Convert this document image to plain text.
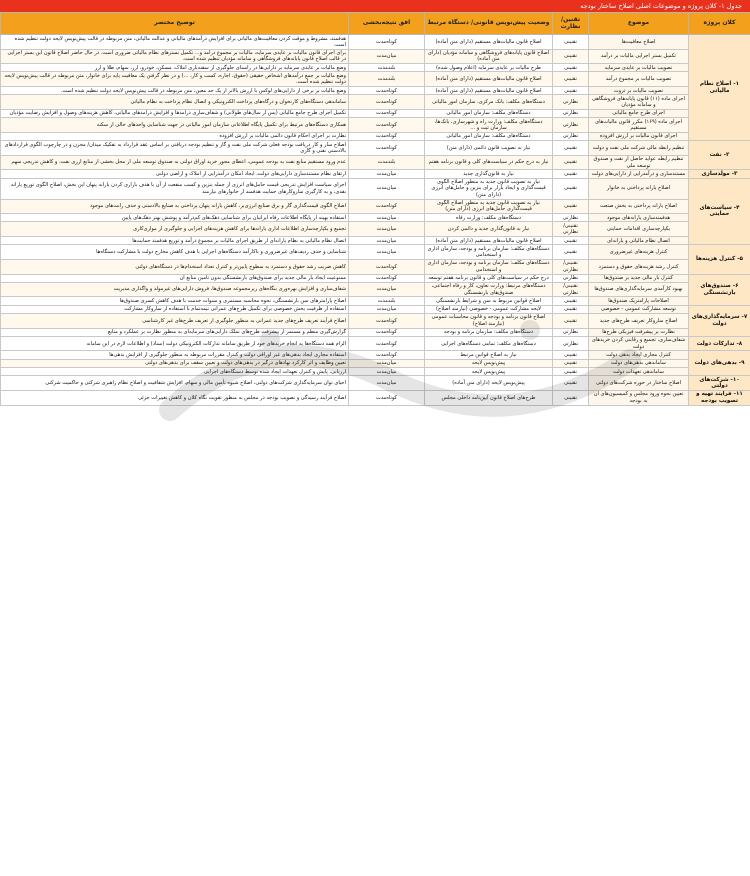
جدول ۱- کلان پروژه و موضوعات اصلی اصلاح ساختار بودجه
کلان پروژه	موضوع	تقنین/ نظارت	وضعیت پیش‌نویس قانونی/ دستگاه مرتبط	افق نتیجه‌بخشی	توضیح مختصر
۱- اصلاح نظام مالیاتی	اصلاح معافیت‌ها	تقنینی	اصلاح قانون مالیات‌های مستقیم (دارای متن آماده)	کوتاه‌مدت	هدفمند، مشروط و موقت کردن معافیت‌های مالیاتی برای افزایش درآمدهای مالیاتی و عدالت مالیاتی، متن مربوطه در قالب پیش‌نویس لایحه دولت تنظیم شده است.
	تکمیل بستر اجرایی مالیات بر درآمد	تقنینی	اصلاح قانون پایانه‌های فروشگاهی و سامانه مؤدیان (دارای متن آماده)	میان‌مدت	برای اجرای قانون مالیات بر عایدی سرمایه، مالیات بر مجموع درآمد و... تکمیل بسترهای نظام مالیاتی ضروری است. در حال حاضر اصلاح قانون این بستر اجرایی در قالب اصلاح قانون پایانه‌های فروشگاهی و سامانه مؤدیان تنظیم شده است.
	تصویب مالیات بر عایدی سرمایه	تقنینی	طرح مالیات بر عایدی سرمایه (اعلام وصول شده)	بلندمدت	وضع مالیات بر عایدی سرمایه بر دارایی‌ها در راستای جلوگیری از سفته‌بازی املاک، مسکن، خودرو، ارز، سهام، طلا و ارز
	تصویب مالیات بر مجموع درآمد	تقنینی	اصلاح قانون مالیات‌های مستقیم (دارای متن آماده)	بلندمدت	وضع مالیات بر جمع درآمدهای اشخاص حقیقی (حقوق، اجاره، کسب و کار، ...) و در نظر گرفتن یک معافیت پایه برای خانوار، متن مربوطه در قالب پیش‌نویس لایحه دولت تنظیم شده است.
	تصویب مالیات بر ثروت	تقنینی	اصلاح قانون مالیات‌های مستقیم (دارای متن آماده)	کوتاه‌مدت	وضع مالیات بر برخی از دارایی‌های لوکس با ارزش بالاتر از یک حد معین، متن مربوطه در قالب پیش‌نویس لایحه دولت تنظیم شده است.
	اجرای ماده (۱۱) قانون پایانه‌های فروشگاهی و سامانه مؤدیان	نظارتی	دستگاه‌های مکلف: بانک مرکزی، سازمان امور مالیاتی	کوتاه‌مدت	ساماندهی دستگاه‌های کارتخوان و درگاه‌های پرداخت الکترونیکی و اتصال نظام پرداخت به نظام مالیاتی
	اجرای طرح جامع مالیاتی	نظارتی	دستگاه‌های مکلف: سازمان امور مالیاتی	کوتاه‌مدت	تکمیل اجرای طرح جامع مالیاتی (پس از سال‌های طولانی) و شفاف‌سازی درآمدها و افزایش درآمدهای مالیاتی، کاهش هزینه‌های وصول و افزایش رضایت مؤدیان
	اجرای ماده (۱۶۹) مکرر قانون مالیات‌های مستقیم	نظارتی	دستگاه‌های مکلف: وزارت راه و شهرسازی، بانک‌ها، سازمان ثبت و ...	کوتاه‌مدت	همکاری دستگاه‌های مرتبط برای تکمیل پایگاه اطلاعاتی سازمان امور مالیاتی در جهت شناسایی واحدهای خالی از سکنه
	اجرای قانون مالیات بر ارزش افزوده	نظارتی	دستگاه‌های مکلف: سازمان امور مالیاتی	کوتاه‌مدت	نظارت بر اجرای احکام قانون دائمی مالیات بر ارزش افزوده
۲- نفت	تنظیم رابطه مالی شرکت ملی نفت و دولت	تقنینی	نیاز به تصویب قانون دائمی (دارای متن)	کوتاه‌مدت	اصلاح ساز و کار دریافت بودجه فعلی شرکت ملی نفت و گاز و تنظیم بودجه دریافتی بر اساس عقد قرارداد به تفکیک میدان/ مخزن و در چارچوب الگوی قراردادهای بالادستی نفتی و گازی
	تنظیم رابطه عواید حاصل از نفت و صندوق توسعه ملی	تقنینی	نیاز به درج حکم در سیاست‌های کلی و قانون برنامه هفتم	بلندمدت	عدم ورود مستقیم منابع نفت به بودجه عمومی، اعطای مجوز خرید اوراق دولتی به صندوق توسعه ملی از محل بخشی از منابع ارزی نفت، و کاهش تدریجی سهم
۳- مولدسازی	مستندسازی و درآمدزایی از دارایی‌های دولت	تقنینی	نیاز به قانون‌گذاری جدید	میان‌مدت	ارتقای نظام مستندسازی دارایی‌های دولت، ایجاد امکان درآمدزایی از املاک و اراضی دولتی
۴- سیاست‌های حمایتی	اصلاح یارانه پرداختی به خانوار	تقنینی	نیاز به تصویب قانون جدید به منظور اصلاح الگوی قیمت‌گذاری و ایجاد بازار برای بنزین و حامل‌های انرژی (دارای متن)	میان‌مدت	اجرای سیاست افزایش تدریجی قیمت حامل‌های انرژی از جمله بنزین و کسب منفعت از آن با هدف بازاری کردن یارانه پنهان این بخش، اصلاح الگوی توزیع یارانه نقدی، و به کارگیری سازوکارهای حمایت هدفمند از خانوارهای نیازمند
	اصلاح یارانه پرداختی به بخش صنعت	تقنینی	نیاز به تصویب قانون جدید به منظور اصلاح الگوی قیمت‌گذاری حامل‌های انرژی (دارای متن)	کوتاه‌مدت	اصلاح الگوی قیمت‌گذاری گاز و برق صنایع انرژی‌بر، کاهش یارانه پنهان پرداختی به صنایع بالادستی و حذف رانت‌های موجود
	هدفمندسازی یارانه‌های موجود	نظارتی	دستگاه‌های مکلف: وزارت رفاه	میان‌مدت	استفاده بهینه از پایگاه اطلاعات رفاه ایرانیان برای شناسایی دهک‌های کم‌درآمد و پوشش بهتر دهک‌های پایین
	یکپارچه‌سازی اقدامات حمایتی	تقنینی/ نظارتی	نیاز به قانون‌گذاری جدید و دائمی کردن	میان‌مدت	تجمیع و یکپارچه‌سازی اطلاعات اداری یارانه‌ها برای کاهش هزینه‌های اجرایی و جلوگیری از موازی‌کاری
	اتصال نظام مالیاتی و یارانه‌ای	تقنینی	اصلاح قانون مالیات‌های مستقیم (دارای متن آماده)	میان‌مدت	اتصال نظام مالیاتی به نظام یارانه‌ای از طریق اجرای مالیات بر مجموع درآمد و توزیع هدفمند حمایت‌ها
۵- کنترل هزینه‌ها	کنترل هزینه‌های غیرضروری	تقنینی	دستگاه‌های مکلف: سازمان برنامه و بودجه، سازمان اداری و استخدامی	میان‌مدت	شناسایی و حذف ردیف‌های غیرضروری و ناکارآمد دستگاه‌های اجرایی با هدف کاهش مخارج دولت با مشارکت دستگاه‌ها
	کنترل رشد هزینه‌های حقوق و دستمزد	تقنینی/ نظارتی	دستگاه‌های مکلف: سازمان برنامه و بودجه، سازمان اداری و استخدامی	کوتاه‌مدت	کاهش ضریب رشد حقوق و دستمزد به سطوح پایین‌تر و کنترل تعداد استخدام‌ها در دستگاه‌های دولتی
۶- صندوق‌های بازنشستگی	کنترل بار مالی جدید بر صندوق‌ها	نظارتی	درج حکم در سیاست‌های کلی و قانون برنامه هفتم توسعه	کوتاه‌مدت	ممنوعیت ایجاد بار مالی جدید برای صندوق‌های بازنشستگی بدون تأمین منابع آن
	بهبود کارآمدی سرمایه‌گذاری‌های صندوق‌ها	تقنینی/ نظارتی	دستگاه‌های مرتبط: وزارت تعاون، کار و رفاه اجتماعی، صندوق‌های بازنشستگی	میان‌مدت	شفاف‌سازی و افزایش بهره‌وری بنگاه‌های زیرمجموعه صندوق‌ها، فروش دارایی‌های غیرمولد و واگذاری مدیریت
	اصلاحات پارامتریک صندوق‌ها	تقنینی	اصلاح قوانین مربوط به سن و شرایط بازنشستگی	بلندمدت	اصلاح پارامترهای سن بازنشستگی، نحوه محاسبه مستمری و سنوات خدمت با هدف کاهش کسری صندوق‌ها
۷- سرمایه‌گذاری‌های دولت	توسعه مشارکت عمومی - خصوصی	تقنینی	لایحه مشارکت عمومی - خصوصی (نیازمند اصلاح)	میان‌مدت	استفاده از ظرفیت بخش خصوصی برای تکمیل طرح‌های عمرانی نیمه‌تمام با استفاده از سازوکار مشارکت
	اصلاح سازوکار تعریف طرح‌های جدید	تقنینی	اصلاح قانون برنامه و بودجه و قانون محاسبات عمومی (نیازمند اصلاح)	کوتاه‌مدت	اصلاح فرآیند تعریف طرح‌های جدید عمرانی به منظور جلوگیری از تعریف طرح‌های غیر کارشناسی
	نظارت بر پیشرفت فیزیکی طرح‌ها	نظارتی	دستگاه‌های مکلف: سازمان برنامه و بودجه	کوتاه‌مدت	گزارش‌گیری منظم و مستمر از پیشرفت طرح‌های تملک دارایی‌های سرمایه‌ای به منظور نظارت بر عملکرد و منابع
۸- تدارکات دولت	شفاف‌سازی، تجمیع و رقابتی کردن خریدهای دولت	نظارتی	دستگاه‌های مکلف: تمامی دستگاه‌های اجرایی	کوتاه‌مدت	الزام همه دستگاه‌ها به انجام خریدهای خود از طریق سامانه تدارکات الکترونیکی دولت (ستاد) و اطلاعات لازم در این سامانه
۹- بدهی‌های دولت	کنترل مجاری ایجاد بدهی دولت	تقنینی	نیاز به اصلاح قوانین مرتبط	کوتاه‌مدت	استفاده مجاری ایجاد بدهی‌های غیر اوراقی دولت و کنترل مقررات مربوطه به منظور جلوگیری از افزایش بدهی‌ها
	ساماندهی بدهی‌های دولت	تقنینی	پیش‌نویس لایحه	میان‌مدت	تعیین وظایف و اثر کارکرد نهادهای درگیر در بدهی‌های دولت و تعیین سقف برای بدهی‌های دولتی
	ساماندهی تعهدات دولت	تقنینی	پیش‌نویس لایحه	میان‌مدت	ارزیابی، پایش و کنترل تعهدات ایجاد شده توسط دستگاه‌های اجرایی
۱۰- شرکت‌های دولتی	اصلاح ساختار در حوزه شرکت‌های دولتی	تقنینی	پیش‌نویس لایحه (دارای متن آماده)	میان‌مدت	احیای توان سرمایه‌گذاری شرکت‌های دولتی، اصلاح شیوه تأمین مالی و سهام، افزایش شفافیت و اصلاح نظام راهبری شرکتی و حاکمیت شرکتی
۱۱- فرآیند تهیه و تصویب بودجه	تعیین نحوه ورود مجلس و کمیسیون‌های آن به بودجه	تقنینی	طرح‌های اصلاح قانون آیین‌نامه داخلی مجلس	کوتاه‌مدت	اصلاح فرآیند رسیدگی و تصویب بودجه در مجلس به منظور تقویت نگاه کلان و کاهش تغییرات جزئی
